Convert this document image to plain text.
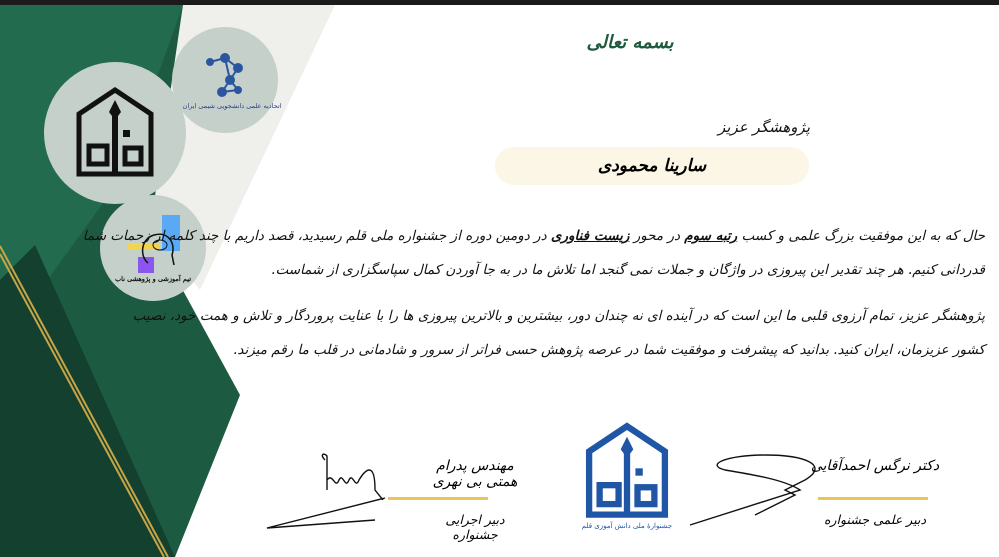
اتحادیه علمی دانشجویی شیمی ایران
تیم آموزشی و پژوهشی ناب
بسمه تعالی
پژوهشگر عزیز
سارینا محمودی
حال که به این موفقیت بزرگ علمی و کسب رتبه سوم در محور زیست فناوری در دومین دوره از جشنواره ملی قلم رسیدید، قصد داریم با چند کلمه از زحمات شما
قدردانی کنیم. هر چند تقدیر این پیروزی در واژگان و جملات نمی گنجد اما تلاش ما در به جا آوردن کمال سپاسگزاری از شماست.
پژوهشگر عزیز، تمام آرزوی قلبی ما این است که در آینده ای نه چندان دور، بیشترین و بالاترین پیروزی ها را با عنایت پروردگار و تلاش و همت خود، نصیب
کشور عزیزمان، ایران کنید. بدانید که پیشرفت و موفقیت شما در عرصه پژوهش حسی فراتر از سرور و شادمانی در قلب ما رقم میزند.
مهندس پدرام همتی بی نهری
دبیر اجرایی جشنواره
جشنوارهٔ ملی دانش آموزی قلم
دکتر نرگس احمدآقایی
دبیر علمی جشنواره
